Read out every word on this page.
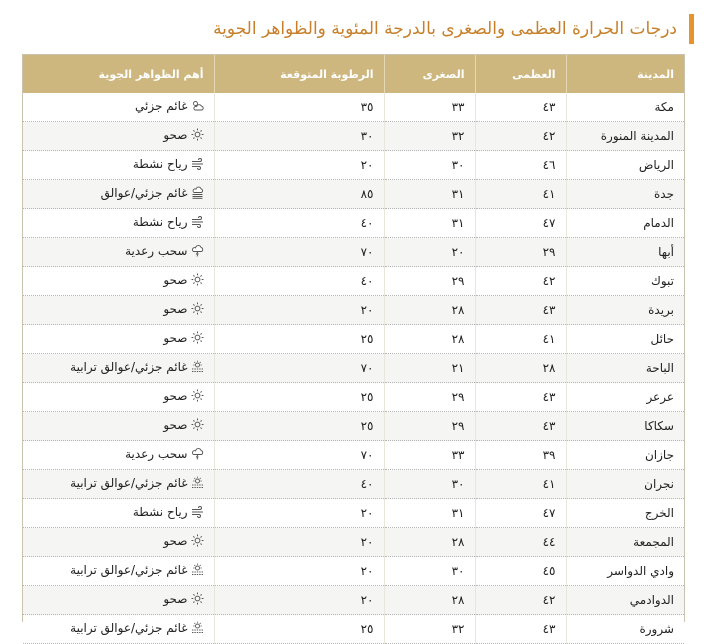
درجات الحرارة العظمى والصغرى بالدرجة المئوية والظواهر الجوية
المدينة	العظمى	الصغرى	الرطوبة المتوقعة	أهم الظواهر الجوية
مكة	٤٣	٣٣	٣٥	غائم جزئي

المدينة المنورة	٤٢	٣٢	٣٠	صحو

الرياض	٤٦	٣٠	٢٠	رياح نشطة

جدة	٤١	٣١	٨٥	غائم جزئي/عوالق

الدمام	٤٧	٣١	٤٠	رياح نشطة

أبها	٢٩	٢٠	٧٠	سحب رعدية

تبوك	٤٢	٢٩	٤٠	صحو

بريدة	٤٣	٢٨	٢٠	صحو

حائل	٤١	٢٨	٢٥	صحو

الباحة	٢٨	٢١	٧٠	غائم جزئي/عوالق ترابية

عرعر	٤٣	٢٩	٢٥	صحو

سكاكا	٤٣	٢٩	٢٥	صحو

جازان	٣٩	٣٣	٧٠	سحب رعدية

نجران	٤١	٣٠	٤٠	غائم جزئي/عوالق ترابية

الخرج	٤٧	٣١	٢٠	رياح نشطة

المجمعة	٤٤	٢٨	٢٠	صحو

وادي الدواسر	٤٥	٣٠	٢٠	غائم جزئي/عوالق ترابية

الدوادمي	٤٢	٢٨	٢٠	صحو

شرورة	٤٣	٣٢	٢٥	غائم جزئي/عوالق ترابية
